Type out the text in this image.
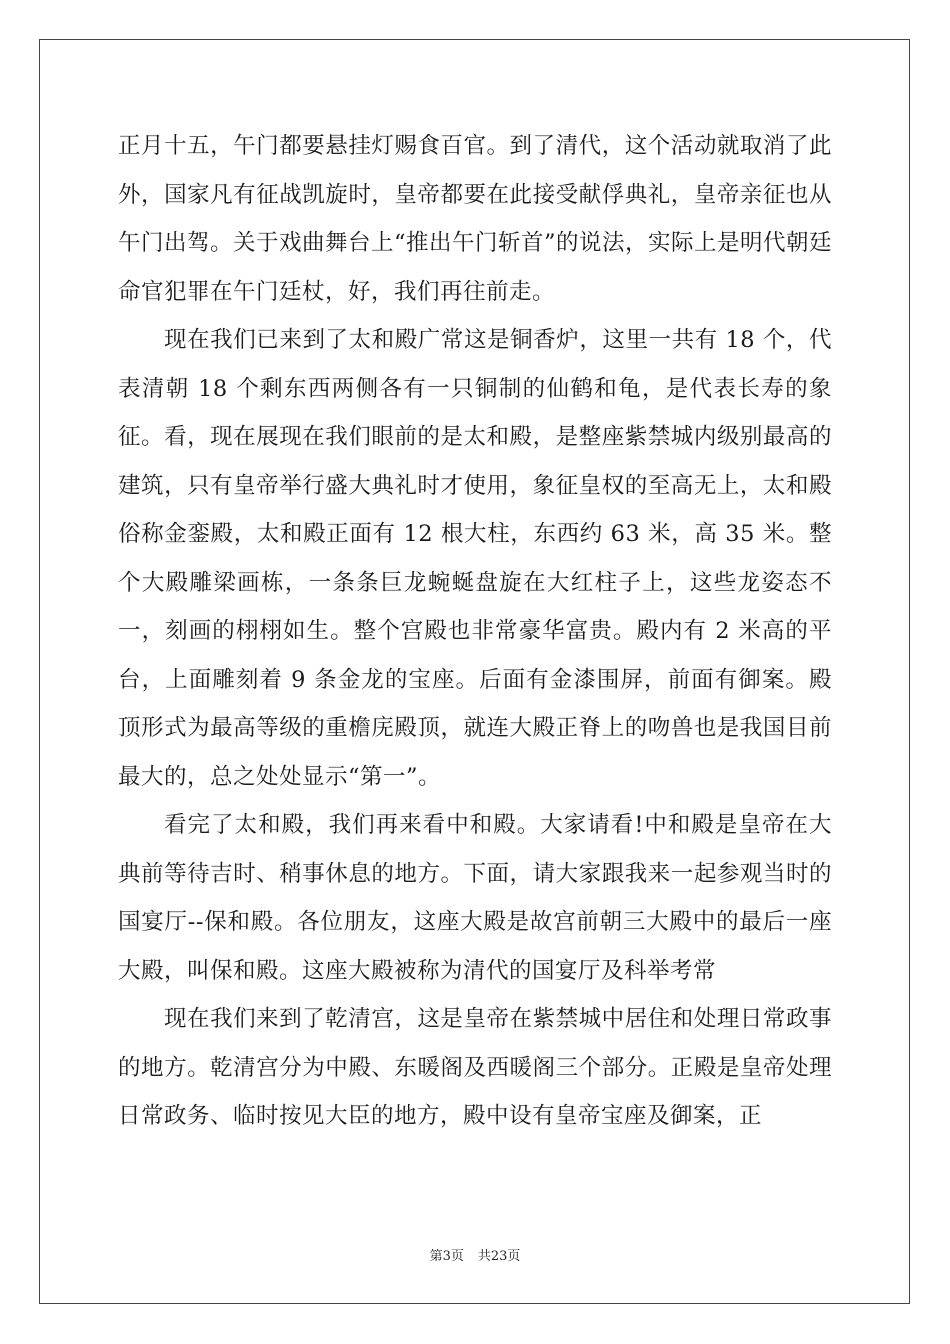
正月十五，午门都要悬挂灯赐食百官。到了清代，这个活动就取消了此外，国家凡有征战凯旋时，皇帝都要在此接受献俘典礼，皇帝亲征也从午门出驾。关于戏曲舞台上“推出午门斩首”的说法，实际上是明代朝廷命官犯罪在午门廷杖，好，我们再往前走。

现在我们已来到了太和殿广常这是铜香炉，这里一共有 18 个，代表清朝 18 个剩东西两侧各有一只铜制的仙鹤和龟，是代表长寿的象征。看，现在展现在我们眼前的是太和殿，是整座紫禁城内级别最高的建筑，只有皇帝举行盛大典礼时才使用，象征皇权的至高无上，太和殿俗称金銮殿，太和殿正面有 12 根大柱，东西约 63 米，高 35 米。整个大殿雕梁画栋，一条条巨龙蜿蜒盘旋在大红柱子上，这些龙姿态不一，刻画的栩栩如生。整个宫殿也非常豪华富贵。殿内有 2 米高的平台，上面雕刻着 9 条金龙的宝座。后面有金漆围屏，前面有御案。殿顶形式为最高等级的重檐庑殿顶，就连大殿正脊上的吻兽也是我国目前最大的，总之处处显示“第一”。

看完了太和殿，我们再来看中和殿。大家请看!中和殿是皇帝在大典前等待吉时、稍事休息的地方。下面，请大家跟我来一起参观当时的国宴厅--保和殿。各位朋友，这座大殿是故宫前朝三大殿中的最后一座大殿，叫保和殿。这座大殿被称为清代的国宴厅及科举考常

现在我们来到了乾清宫，这是皇帝在紫禁城中居住和处理日常政事的地方。乾清宫分为中殿、东暖阁及西暖阁三个部分。正殿是皇帝处理日常政务、临时按见大臣的地方，殿中设有皇帝宝座及御案，正

第3页 共23页
